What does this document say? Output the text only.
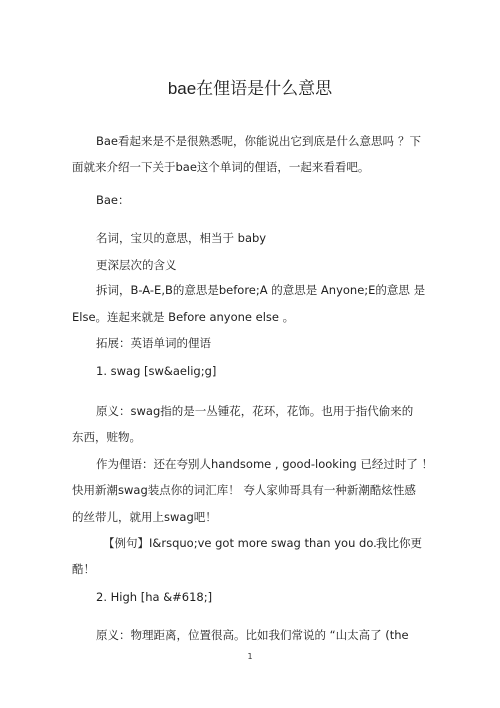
bae在俚语是什么意思
Bae看起来是不是很熟悉呢，你能说出它到底是什么意思吗 ？下
面就来介绍一下关于bae这个单词的俚语，一起来看看吧。
Bae：
名词，宝贝的意思，相当于 baby
更深层次的含义
拆词，B-A-E,B的意思是before;A 的意思是 Anyone;E的意思 是
Else。连起来就是 Before anyone else 。
拓展：英语单词的俚语
1. swag [sw&aelig;g]
原义：swag指的是一丛锺花，花环，花饰。也用于指代偷来的
东西，赃物。
作为俚语：还在夸别人handsome , good-looking 已经过时了 ！
快用新潮swag装点你的词汇库！ 夸人家帅哥具有一种新潮酷炫性感
的丝带儿，就用上swag吧！
【例句】I&rsquo;ve got more swag than you do. 我比你更
酷！
2. High [ha &#618;]
原义：物理距离，位置很高。比如我们常说的 “山太高了 (the
1
